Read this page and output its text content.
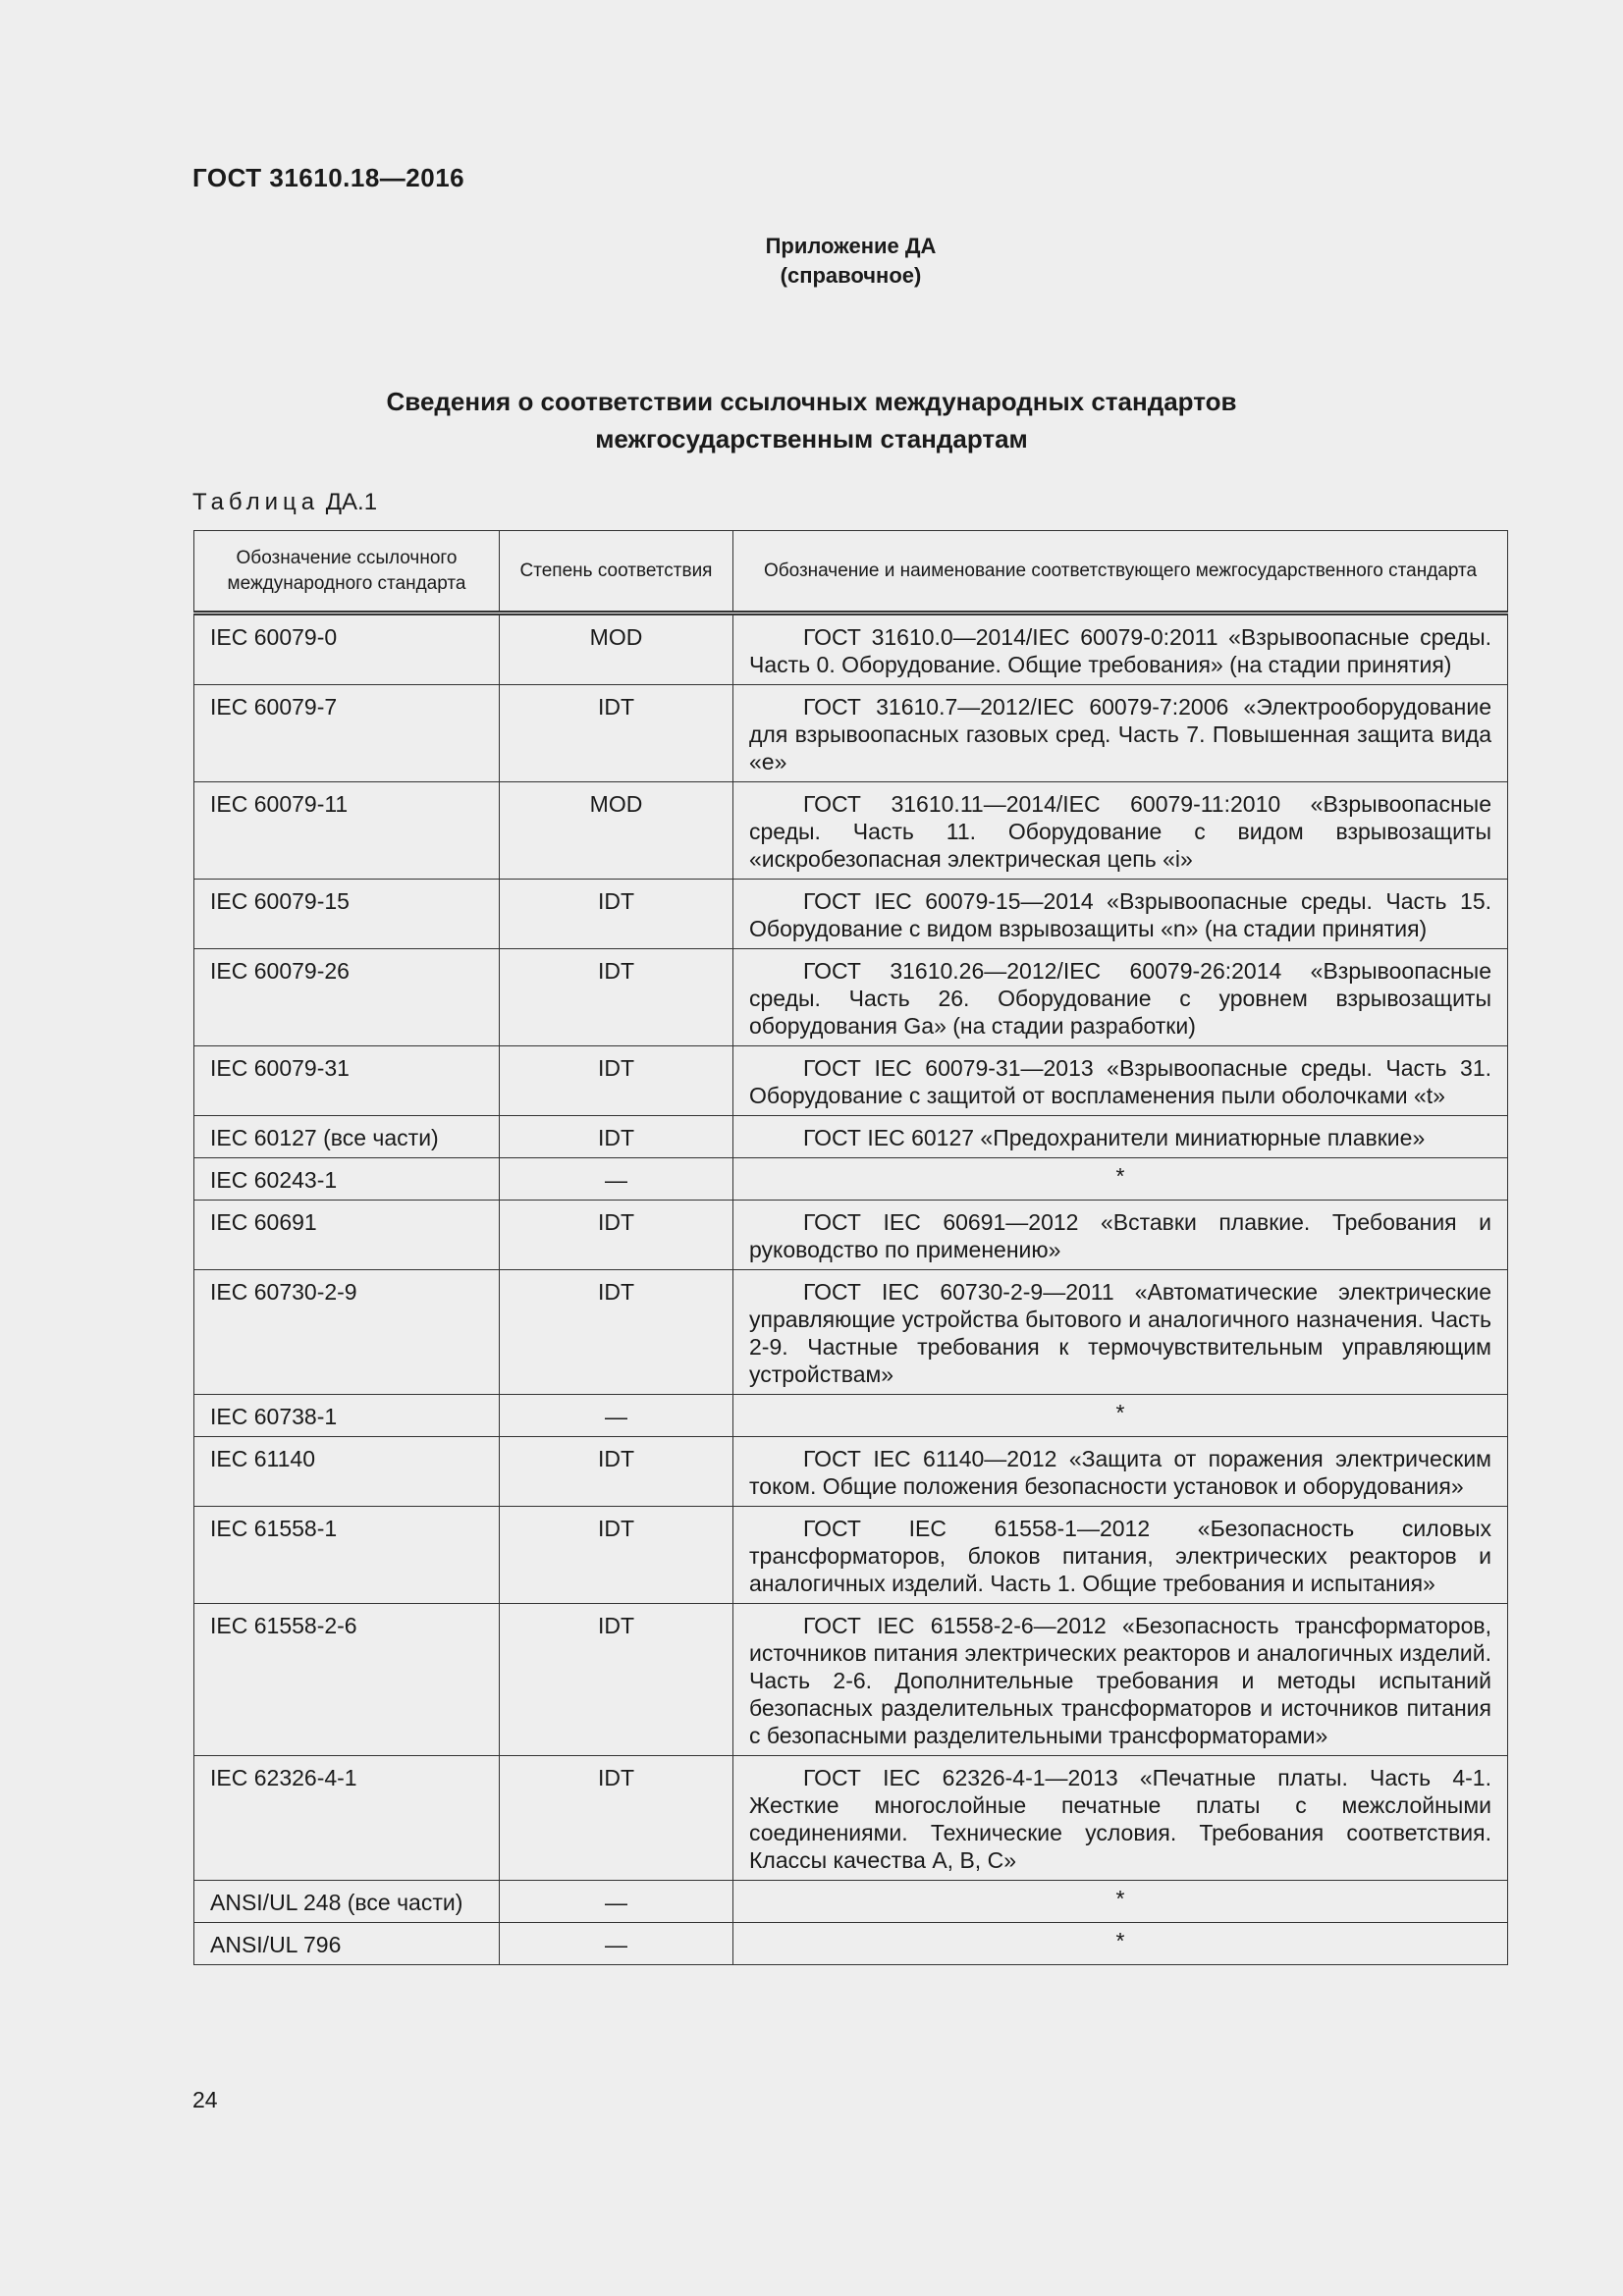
ГОСТ 31610.18—2016
Приложение ДА
(справочное)
Сведения о соответствии ссылочных международных стандартов
межгосударственным стандартам
Таблица ДА.1
Обозначение ссылочного международного стандарта	Степень соответствия	Обозначение и наименование соответствующего межгосударственного стандарта
IEC 60079-0	MOD	ГОСТ 31610.0—2014/IEC 60079-0:2011 «Взрывоопасные среды. Часть 0. Оборудование. Общие требования» (на стадии принятия)
IEC 60079-7	IDT	ГОСТ 31610.7—2012/IEC 60079-7:2006 «Электрооборудование для взрывоопасных газовых сред. Часть 7. Повышенная защита вида «е»
IEC 60079-11	MOD	ГОСТ 31610.11—2014/IEC 60079-11:2010 «Взрывоопасные среды. Часть 11. Оборудование с видом взрывозащиты «искробезопасная электрическая цепь «i»
IEC 60079-15	IDT	ГОСТ IEC 60079-15—2014 «Взрывоопасные среды. Часть 15. Оборудование с видом взрывозащиты «n» (на стадии принятия)
IEC 60079-26	IDT	ГОСТ 31610.26—2012/IEC 60079-26:2014 «Взрывоопасные среды. Часть 26. Оборудование с уровнем взрывозащиты оборудования Ga» (на стадии разработки)
IEC 60079-31	IDT	ГОСТ IEC 60079-31—2013 «Взрывоопасные среды. Часть 31. Оборудование с защитой от воспламенения пыли оболочками «t»
IEC 60127 (все части)	IDT	ГОСТ IEC 60127 «Предохранители миниатюрные плавкие»
IEC 60243-1	—	*
IEC 60691	IDT	ГОСТ IEC 60691—2012 «Вставки плавкие. Требования и руководство по применению»
IEC 60730-2-9	IDT	ГОСТ IEC 60730-2-9—2011 «Автоматические электрические управляющие устройства бытового и аналогичного назначения. Часть 2-9. Частные требования к термочувствительным управляющим устройствам»
IEC 60738-1	—	*
IEC 61140	IDT	ГОСТ IEC 61140—2012 «Защита от поражения электрическим током. Общие положения безопасности установок и оборудования»
IEC 61558-1	IDT	ГОСТ IEC 61558-1—2012 «Безопасность силовых трансформаторов, блоков питания, электрических реакторов и аналогичных изделий. Часть 1. Общие требования и испытания»
IEC 61558-2-6	IDT	ГОСТ IEC 61558-2-6—2012 «Безопасность трансформаторов, источников питания электрических реакторов и аналогичных изделий. Часть 2-6. Дополнительные требования и методы испытаний безопасных разделительных трансформаторов и источников питания с безопасными разделительными трансформаторами»
IEC 62326-4-1	IDT	ГОСТ IEC 62326-4-1—2013 «Печатные платы. Часть 4-1. Жесткие многослойные печатные платы с межслойными соединениями. Технические условия. Требования соответствия. Классы качества A, B, C»
ANSI/UL 248 (все части)	—	*
ANSI/UL 796	—	*
24
